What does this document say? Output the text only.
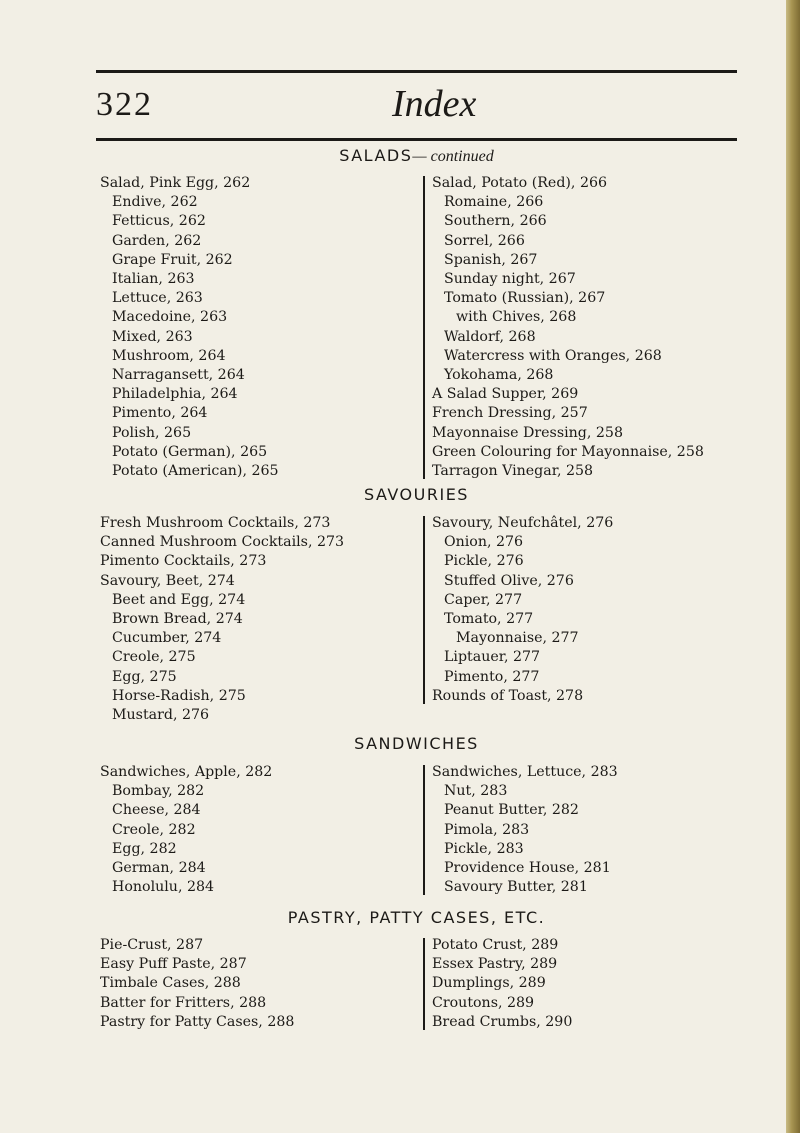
322	Index
SALADS— continued
Salad, Pink Egg, 262
Endive, 262
Fetticus, 262
Garden, 262
Grape Fruit, 262
Italian, 263
Lettuce, 263
Macedoine, 263
Mixed, 263
Mushroom, 264
Narragansett, 264
Philadelphia, 264
Pimento, 264
Polish, 265
Potato (German), 265
Potato (American), 265
Salad, Potato (Red), 266
Romaine, 266
Southern, 266
Sorrel, 266
Spanish, 267
Sunday night, 267
Tomato (Russian), 267
with Chives, 268
Waldorf, 268
Watercress with Oranges, 268
Yokohama, 268
A Salad Supper, 269
French Dressing, 257
Mayonnaise Dressing, 258
Green Colouring for Mayonnaise, 258
Tarragon Vinegar, 258
SAVOURIES
Fresh Mushroom Cocktails, 273
Canned Mushroom Cocktails, 273
Pimento Cocktails, 273
Savoury, Beet, 274
Beet and Egg, 274
Brown Bread, 274
Cucumber, 274
Creole, 275
Egg, 275
Horse-Radish, 275
Mustard, 276
Savoury, Neufchâtel, 276
Onion, 276
Pickle, 276
Stuffed Olive, 276
Caper, 277
Tomato, 277
Mayonnaise, 277
Liptauer, 277
Pimento, 277
Rounds of Toast, 278
SANDWICHES
Sandwiches, Apple, 282
Bombay, 282
Cheese, 284
Creole, 282
Egg, 282
German, 284
Honolulu, 284
Sandwiches, Lettuce, 283
Nut, 283
Peanut Butter, 282
Pimola, 283
Pickle, 283
Providence House, 281
Savoury Butter, 281
PASTRY, PATTY CASES, ETC.
Pie-Crust, 287
Easy Puff Paste, 287
Timbale Cases, 288
Batter for Fritters, 288
Pastry for Patty Cases, 288
Potato Crust, 289
Essex Pastry, 289
Dumplings, 289
Croutons, 289
Bread Crumbs, 290
